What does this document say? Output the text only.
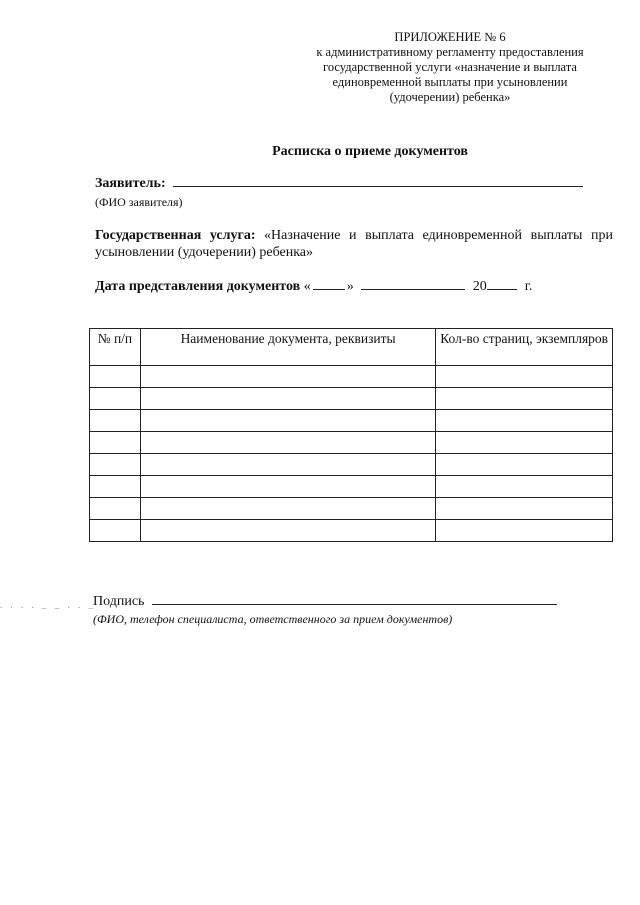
ПРИЛОЖЕНИЕ № 6
к административному регламенту предоставления
государственной услуги «назначение и выплата
единовременной выплаты при усыновлении
(удочерении) ребенка»
Расписка о приеме документов
Заявитель:
(ФИО заявителя)
Государственная услуга: «Назначение и выплата единовременной выплаты при усыновлении (удочерении) ребенка»
Дата представления документов «	»	20	г.
№ п/п	Наименование документа, реквизиты	Кол-во страниц, экземпляров

. . . . _ _ . . _
Подпись
(ФИО, телефон специалиста, ответственного за прием документов)
